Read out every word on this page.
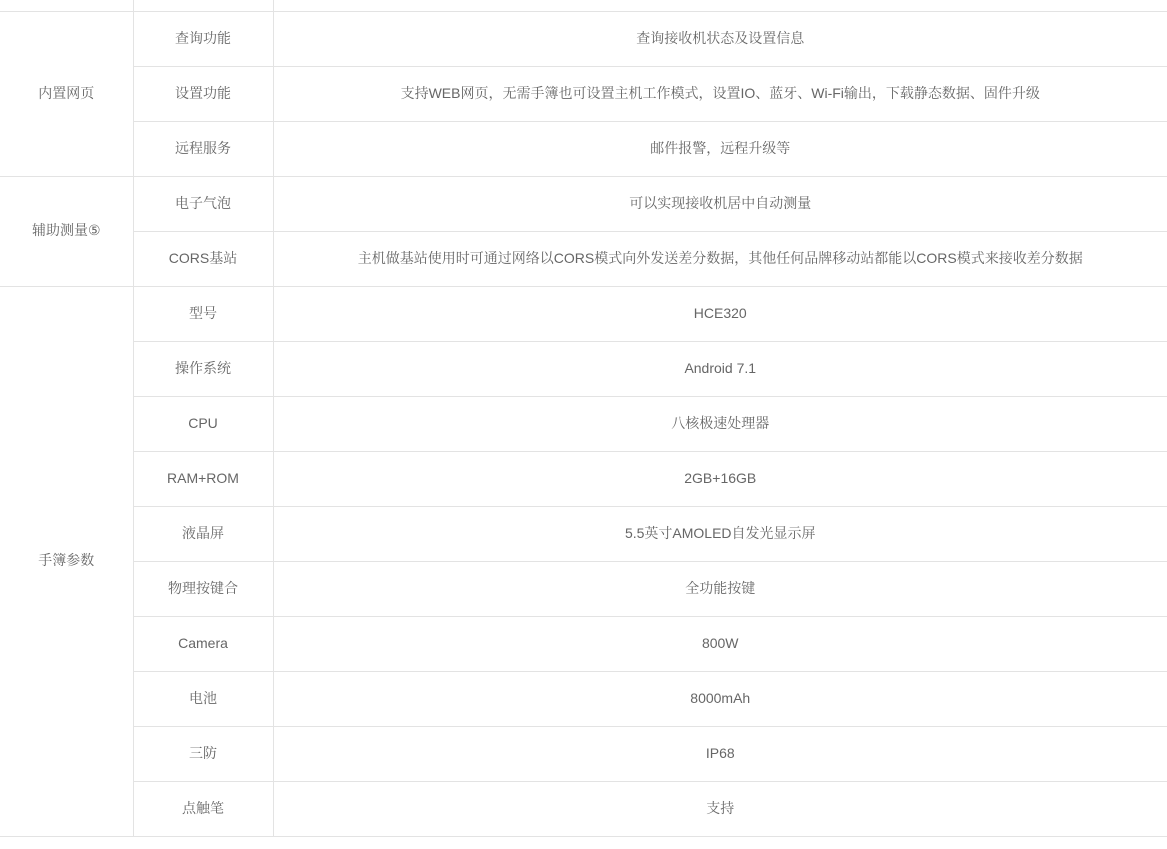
内置网页	查询功能	查询接收机状态及设置信息
	设置功能	支持WEB网页，无需手簿也可设置主机工作模式，设置IO、蓝牙、Wi-Fi输出，下载静态数据、固件升级
	远程服务	邮件报警，远程升级等
辅助测量⑤	电子气泡	可以实现接收机居中自动测量
	CORS基站	主机做基站使用时可通过网络以CORS模式向外发送差分数据，其他任何品牌移动站都能以CORS模式来接收差分数据
手簿参数	型号	HCE320
	操作系统	Android 7.1
	CPU	八核极速处理器
	RAM+ROM	2GB+16GB
	液晶屏	5.5英寸AMOLED自发光显示屏
	物理按键合	全功能按键
	Camera	800W
	电池	8000mAh
	三防	IP68
	点触笔	支持
